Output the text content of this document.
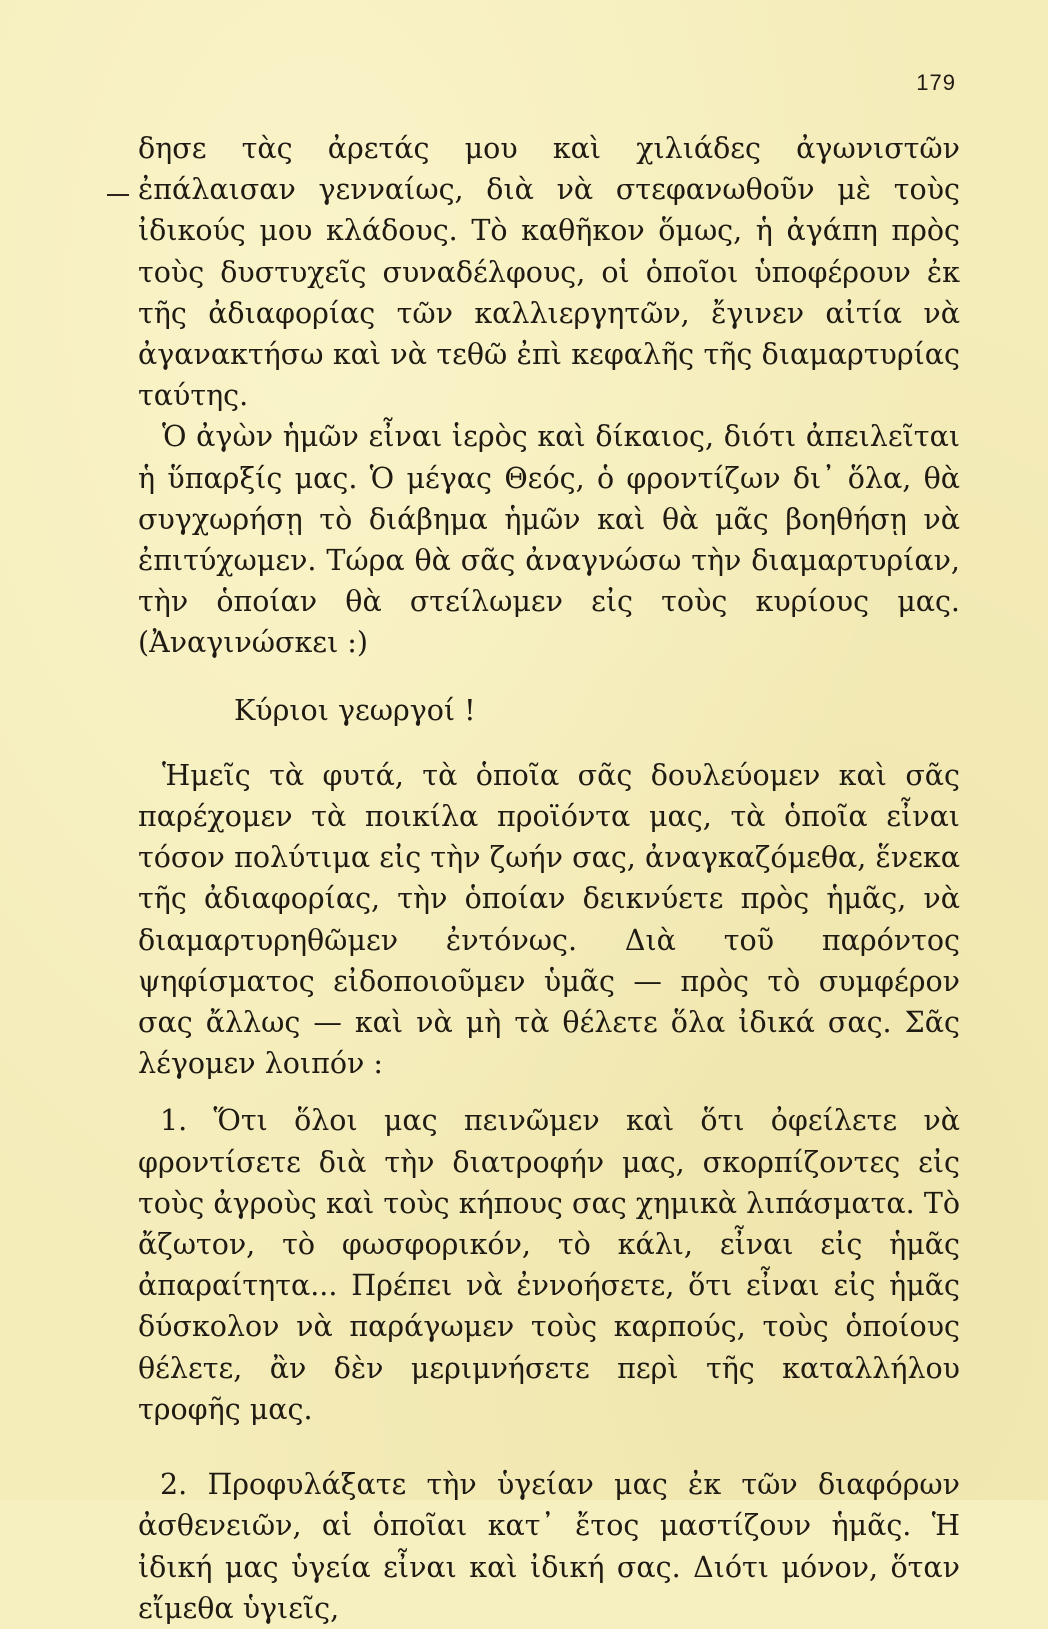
179

δησε τὰς ἀρετάς μου καὶ χιλιάδες ἀγωνιστῶν ἐπάλαισαν γενναίως, διὰ νὰ στεφανωθοῦν μὲ τοὺς ἰδικούς μου κλάδους. Τὸ καθῆκον ὅμως, ἡ ἀγάπη πρὸς τοὺς δυστυχεῖς συναδέλφους, οἱ ὁποῖοι ὑποφέρουν ἐκ τῆς ἀδιαφορίας τῶν καλλιεργητῶν, ἔγινεν αἰτία νὰ ἀγανακτήσω καὶ νὰ τεθῶ ἐπὶ κεφαλῆς τῆς διαμαρτυρίας ταύτης.

Ὁ ἀγὼν ἡμῶν εἶναι ἱερὸς καὶ δίκαιος, διότι ἀπειλεῖται ἡ ὕπαρξίς μας. Ὁ μέγας Θεός, ὁ φροντίζων δι᾿ ὅλα, θὰ συγχωρήσῃ τὸ διάβημα ἡμῶν καὶ θὰ μᾶς βοηθήσῃ νὰ ἐπιτύχωμεν. Τώρα θὰ σᾶς ἀναγνώσω τὴν διαμαρτυρίαν, τὴν ὁποίαν θὰ στείλωμεν εἰς τοὺς κυρίους μας. (Ἀναγινώσκει :)

Κύριοι γεωργοί !

Ἡμεῖς τὰ φυτά, τὰ ὁποῖα σᾶς δουλεύομεν καὶ σᾶς παρέχομεν τὰ ποικίλα προϊόντα μας, τὰ ὁποῖα εἶναι τόσον πολύτιμα εἰς τὴν ζωήν σας, ἀναγκαζόμεθα, ἕνεκα τῆς ἀδιαφορίας, τὴν ὁποίαν δεικνύετε πρὸς ἡμᾶς, νὰ διαμαρτυρηθῶμεν ἐντόνως. Διὰ τοῦ παρόντος ψηφίσματος εἰδοποιοῦμεν ὑμᾶς — πρὸς τὸ συμφέρον σας ἄλλως — καὶ νὰ μὴ τὰ θέλετε ὅλα ἰδικά σας. Σᾶς λέγομεν λοιπόν :

1. Ὅτι ὅλοι μας πεινῶμεν καὶ ὅτι ὀφείλετε νὰ φροντίσετε διὰ τὴν διατροφήν μας, σκορπίζοντες εἰς τοὺς ἀγροὺς καὶ τοὺς κήπους σας χημικὰ λιπάσματα. Τὸ ἄζωτον, τὸ φωσφορικόν, τὸ κάλι, εἶναι εἰς ἡμᾶς ἀπαραίτητα... Πρέπει νὰ ἐννοήσετε, ὅτι εἶναι εἰς ἡμᾶς δύσκολον νὰ παράγωμεν τοὺς καρπούς, τοὺς ὁποίους θέλετε, ἂν δὲν μεριμνήσετε περὶ τῆς καταλλήλου τροφῆς μας.

2. Προφυλάξατε τὴν ὑγείαν μας ἐκ τῶν διαφόρων ἀσθενειῶν, αἱ ὁποῖαι κατ᾿ ἔτος μαστίζουν ἡμᾶς. Ἡ ἰδική μας ὑγεία εἶναι καὶ ἰδική σας. Διότι μόνον, ὅταν εἴμεθα ὑγιεῖς,
